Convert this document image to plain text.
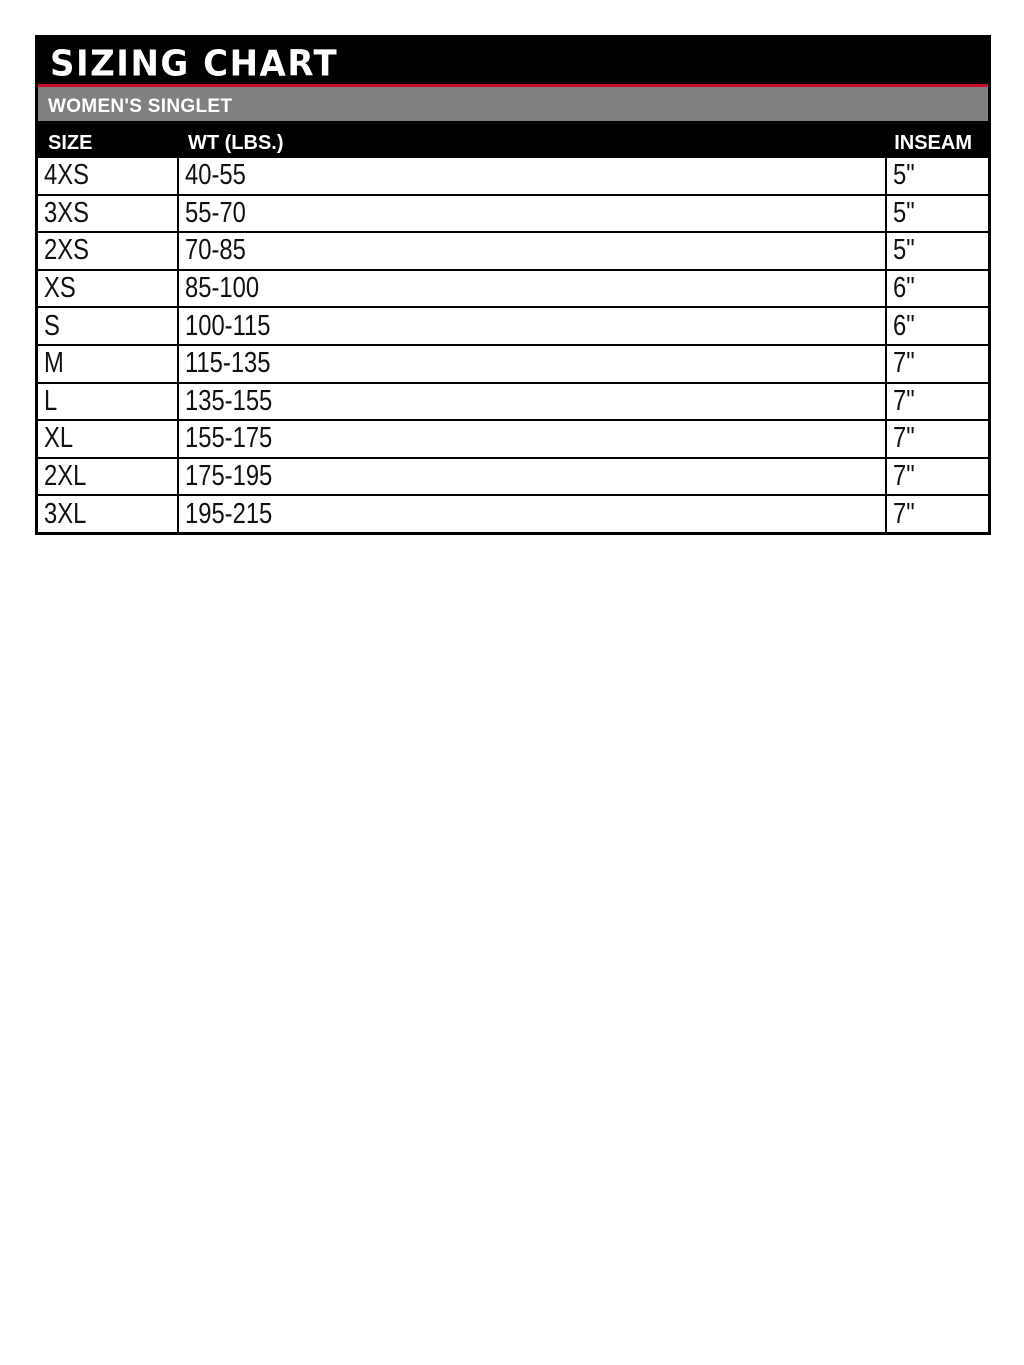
SIZING CHART
WOMEN'S SINGLET
SIZE	WT (LBS.)	INSEAM
4XS	40-55	5"
3XS	55-70	5"
2XS	70-85	5"
XS	85-100	6"
S	100-115	6"
M	115-135	7"
L	135-155	7"
XL	155-175	7"
2XL	175-195	7"
3XL	195-215	7"
